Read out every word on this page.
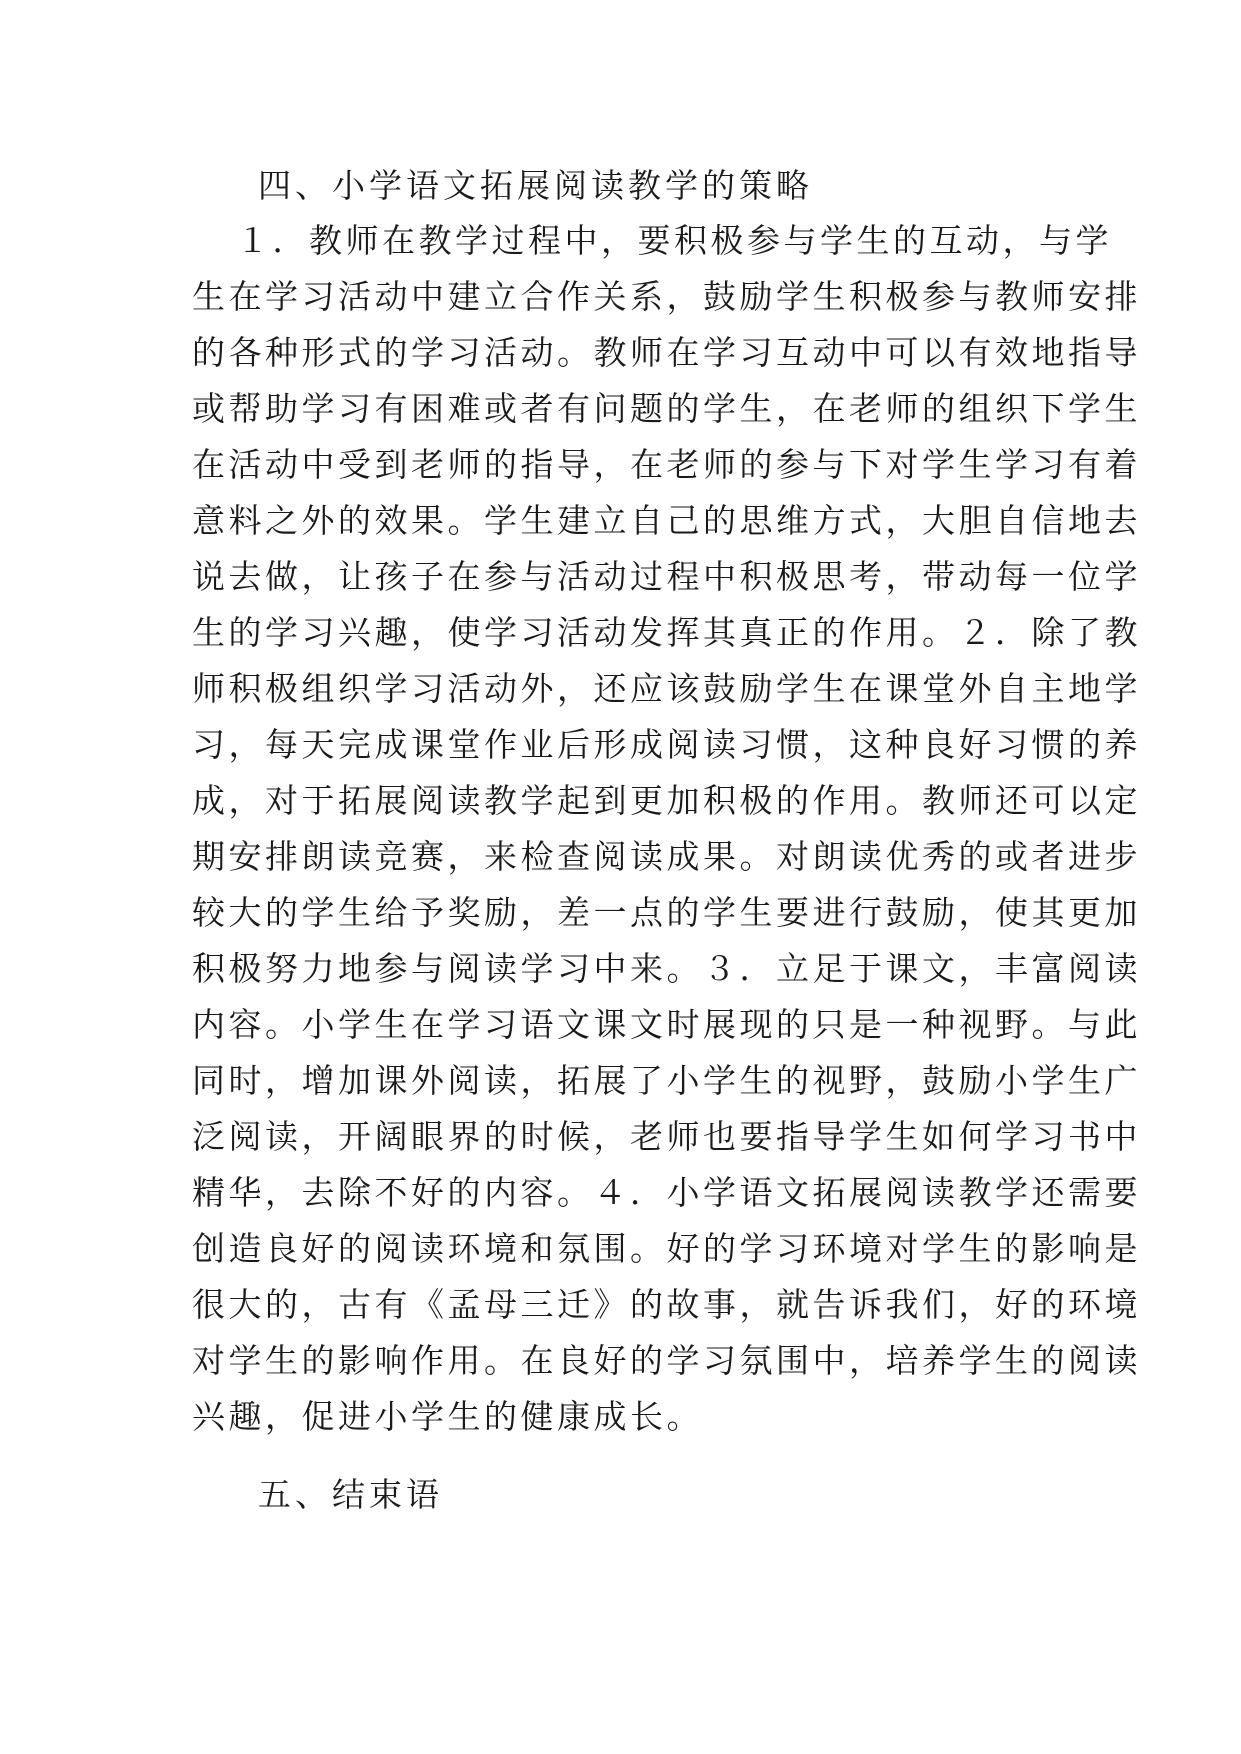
四、小学语文拓展阅读教学的策略

１．教师在教学过程中，要积极参与学生的互动，与学

生在学习活动中建立合作关系，鼓励学生积极参与教师安排

的各种形式的学习活动。教师在学习互动中可以有效地指导

或帮助学习有困难或者有问题的学生，在老师的组织下学生

在活动中受到老师的指导，在老师的参与下对学生学习有着

意料之外的效果。学生建立自己的思维方式，大胆自信地去

说去做，让孩子在参与活动过程中积极思考，带动每一位学

生的学习兴趣，使学习活动发挥其真正的作用。２．除了教

师积极组织学习活动外，还应该鼓励学生在课堂外自主地学

习，每天完成课堂作业后形成阅读习惯，这种良好习惯的养

成，对于拓展阅读教学起到更加积极的作用。教师还可以定

期安排朗读竞赛，来检查阅读成果。对朗读优秀的或者进步

较大的学生给予奖励，差一点的学生要进行鼓励，使其更加

积极努力地参与阅读学习中来。３．立足于课文，丰富阅读

内容。小学生在学习语文课文时展现的只是一种视野。与此

同时，增加课外阅读，拓展了小学生的视野，鼓励小学生广

泛阅读，开阔眼界的时候，老师也要指导学生如何学习书中

精华，去除不好的内容。４．小学语文拓展阅读教学还需要

创造良好的阅读环境和氛围。好的学习环境对学生的影响是

很大的，古有《孟母三迁》的故事，就告诉我们，好的环境

对学生的影响作用。在良好的学习氛围中，培养学生的阅读

兴趣，促进小学生的健康成长。

五、结束语
